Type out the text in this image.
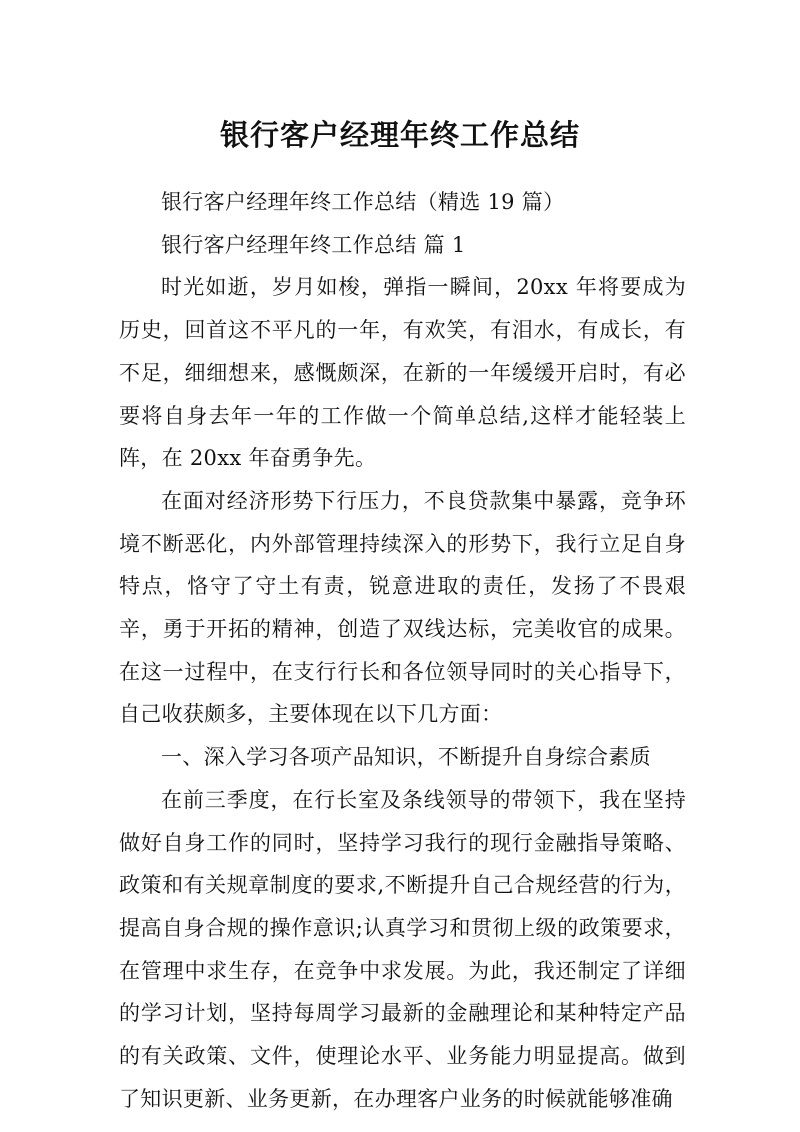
银行客户经理年终工作总结

银行客户经理年终工作总结（精选 19 篇）

银行客户经理年终工作总结 篇 1

时光如逝，岁月如梭，弹指一瞬间，20xx 年将要成为历史，回首这不平凡的一年，有欢笑，有泪水，有成长，有不足，细细想来，感慨颇深，在新的一年缓缓开启时，有必要将自身去年一年的工作做一个简单总结,这样才能轻装上阵，在 20xx 年奋勇争先。

在面对经济形势下行压力，不良贷款集中暴露，竞争环境不断恶化，内外部管理持续深入的形势下，我行立足自身特点，恪守了守土有责，锐意进取的责任，发扬了不畏艰辛，勇于开拓的精神，创造了双线达标，完美收官的成果。在这一过程中，在支行行长和各位领导同时的关心指导下，自己收获颇多，主要体现在以下几方面：

一、深入学习各项产品知识，不断提升自身综合素质

在前三季度，在行长室及条线领导的带领下，我在坚持做好自身工作的同时，坚持学习我行的现行金融指导策略、政策和有关规章制度的要求,不断提升自己合规经营的行为，提高自身合规的操作意识;认真学习和贯彻上级的政策要求，在管理中求生存，在竞争中求发展。为此，我还制定了详细的学习计划，坚持每周学习最新的金融理论和某种特定产品的有关政策、文件，使理论水平、业务能力明显提高。做到了知识更新、业务更新，在办理客户业务的时候就能够准确
